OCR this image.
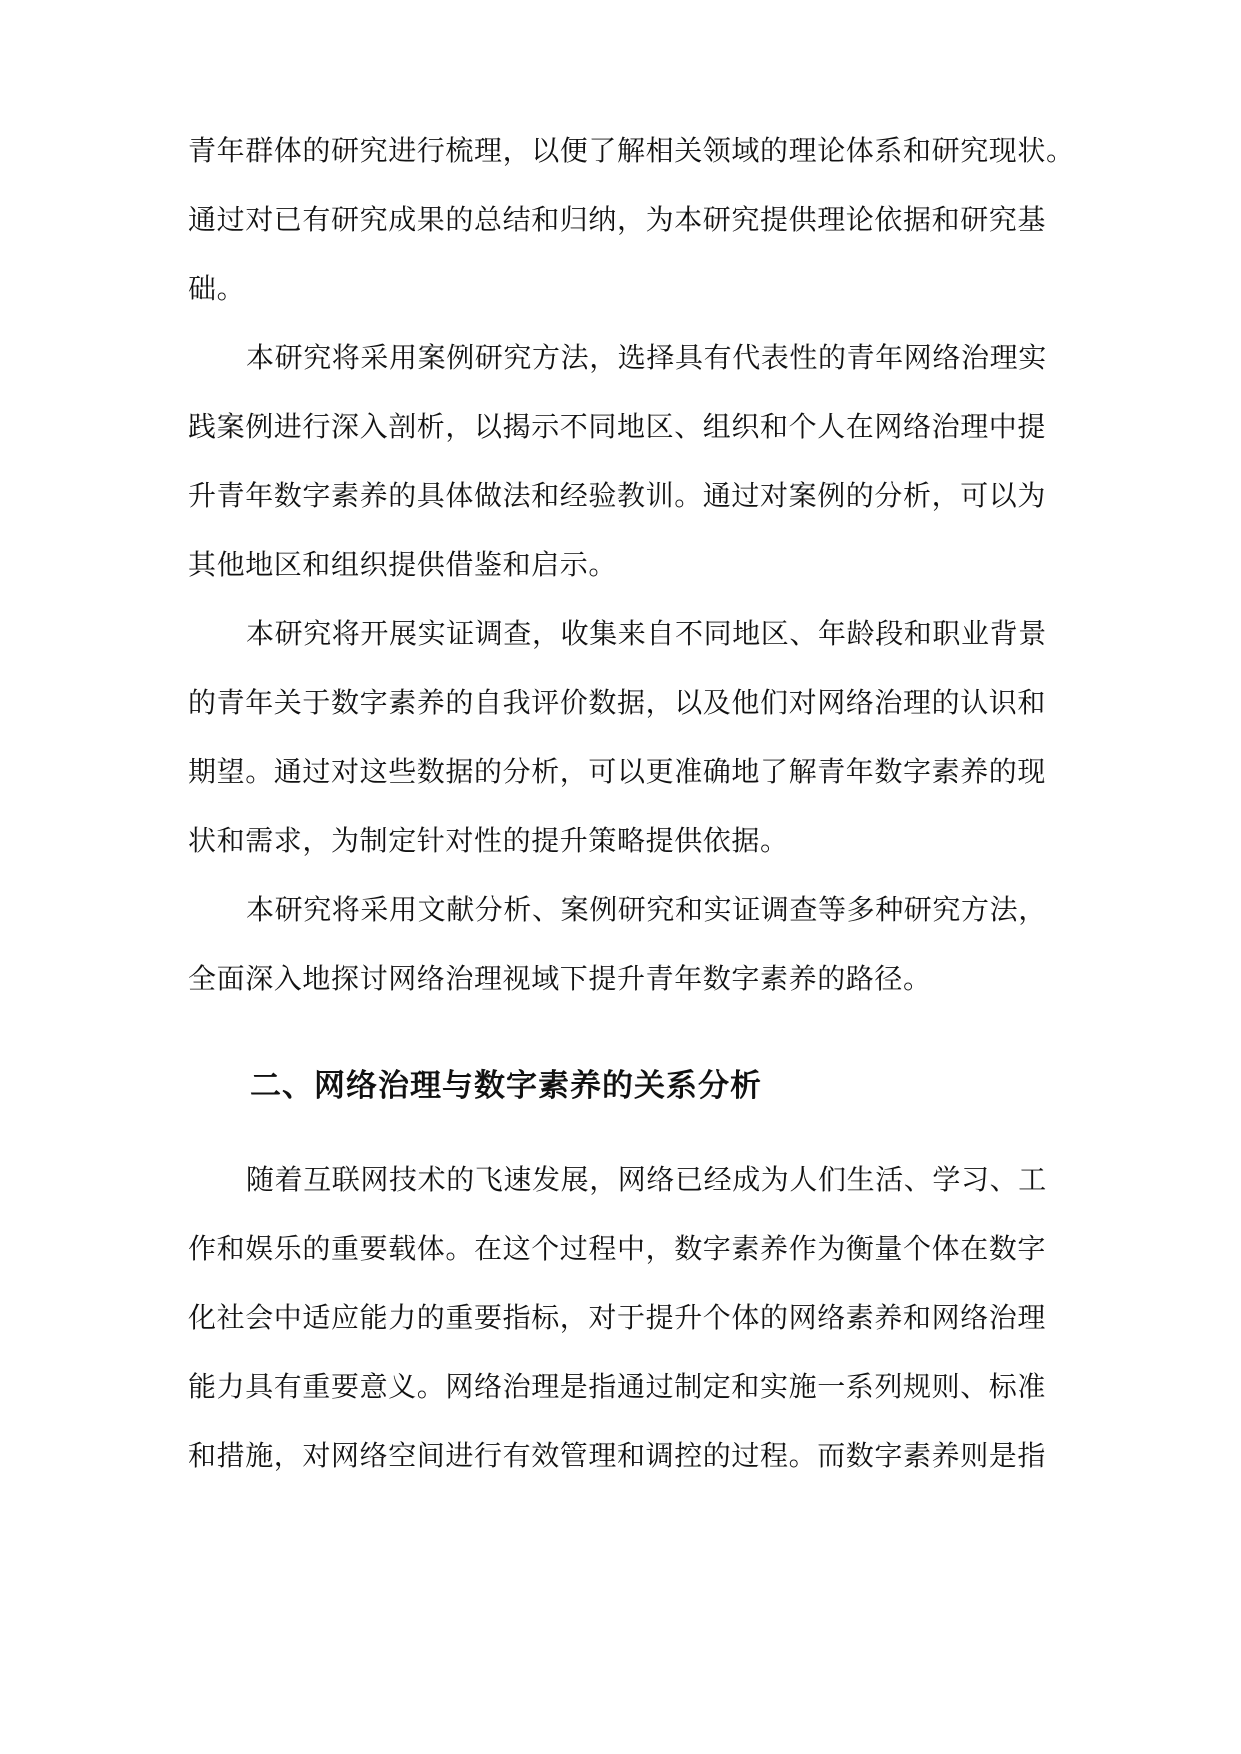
青年群体的研究进行梳理，以便了解相关领域的理论体系和研究现状。
通过对已有研究成果的总结和归纳，为本研究提供理论依据和研究基
础。
本研究将采用案例研究方法，选择具有代表性的青年网络治理实
践案例进行深入剖析，以揭示不同地区、组织和个人在网络治理中提
升青年数字素养的具体做法和经验教训。通过对案例的分析，可以为
其他地区和组织提供借鉴和启示。
本研究将开展实证调查，收集来自不同地区、年龄段和职业背景
的青年关于数字素养的自我评价数据，以及他们对网络治理的认识和
期望。通过对这些数据的分析，可以更准确地了解青年数字素养的现
状和需求，为制定针对性的提升策略提供依据。
本研究将采用文献分析、案例研究和实证调查等多种研究方法，
全面深入地探讨网络治理视域下提升青年数字素养的路径。
二、网络治理与数字素养的关系分析
随着互联网技术的飞速发展，网络已经成为人们生活、学习、工
作和娱乐的重要载体。在这个过程中，数字素养作为衡量个体在数字
化社会中适应能力的重要指标，对于提升个体的网络素养和网络治理
能力具有重要意义。网络治理是指通过制定和实施一系列规则、标准
和措施，对网络空间进行有效管理和调控的过程。而数字素养则是指
